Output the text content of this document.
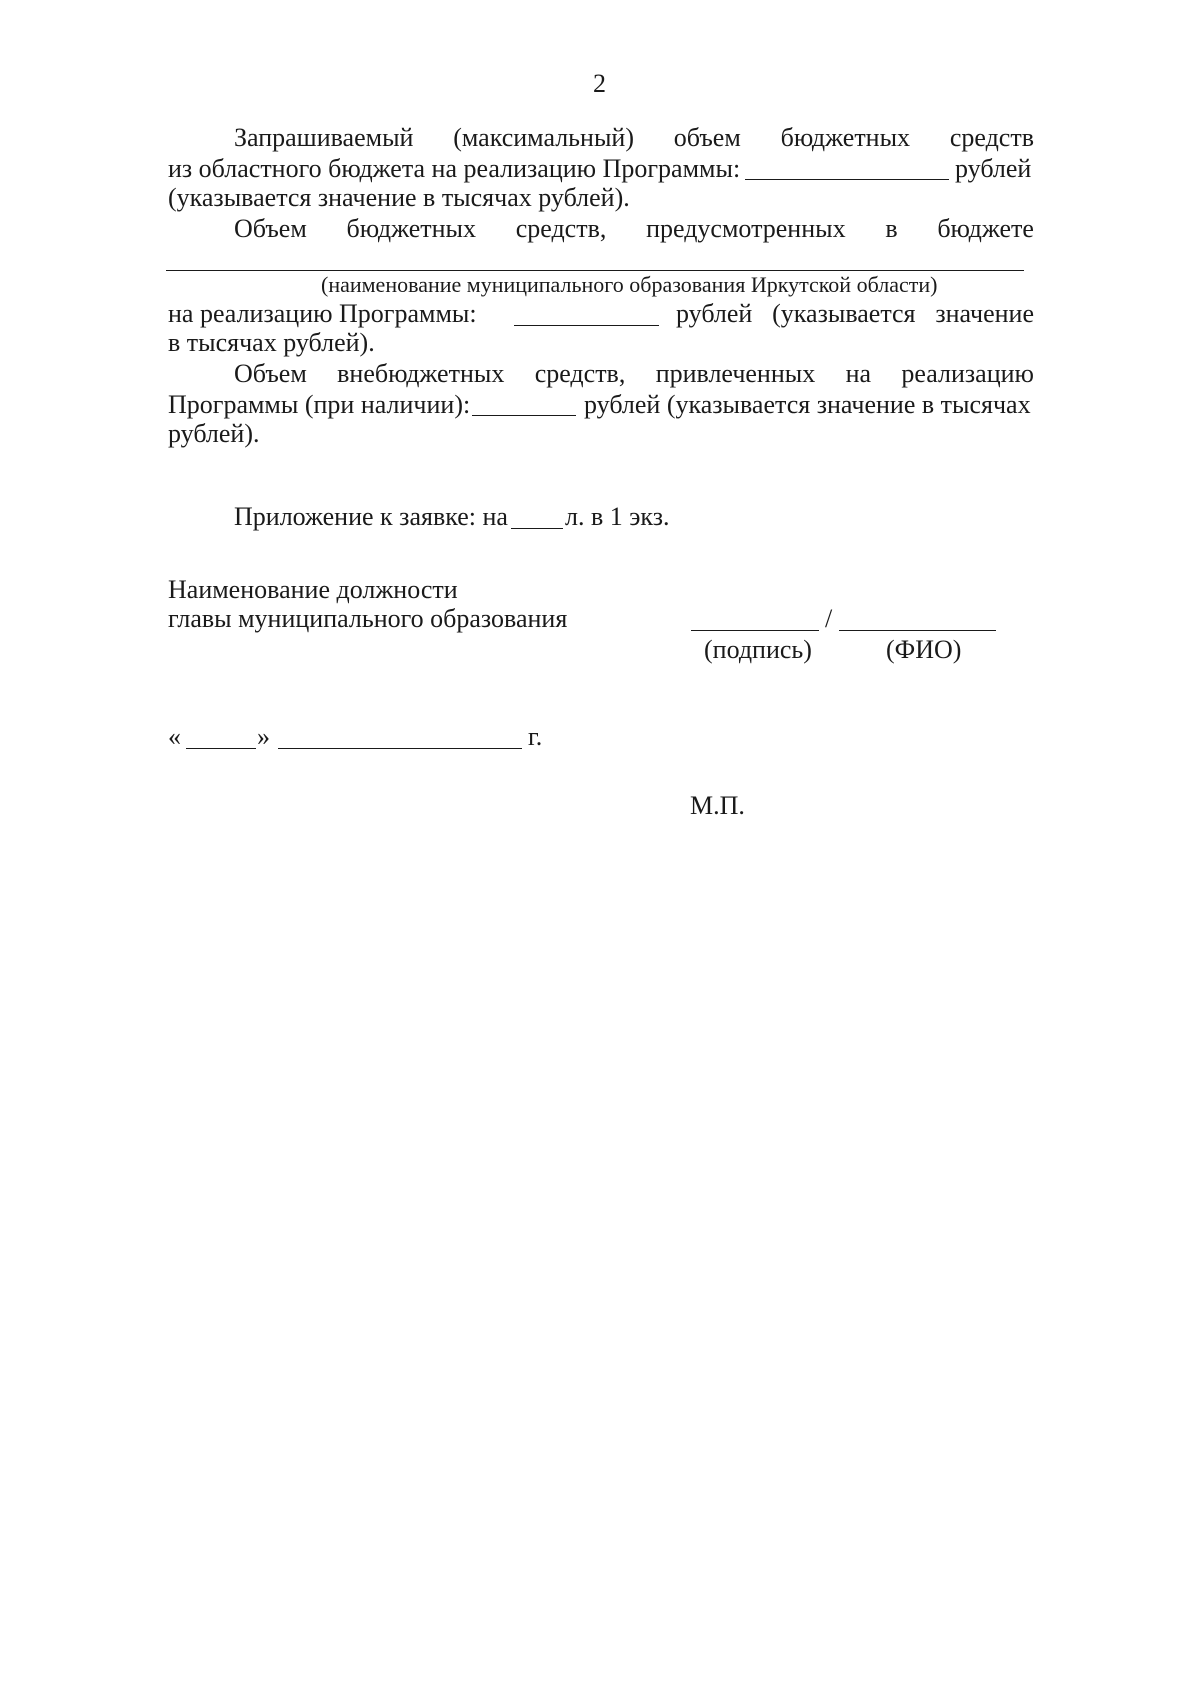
2
Запрашиваемый (максимальный) объем бюджетных средств
из областного бюджета на реализацию Программы:	рублей
(указывается значение в тысячах рублей).
Объем бюджетных средств, предусмотренных в бюджете
(наименование муниципального образования Иркутской области)
на реализацию Программы:	рублей (указывается значение
в тысячах рублей).
Объем внебюджетных средств, привлеченных на реализацию
Программы (при наличии):	рублей (указывается значение в тысячах
рублей).
Приложение к заявке: на л. в 1 экз.
Наименование должности
главы муниципального образования	/
(подпись)	(ФИО)
«	»	г.
М.П.
